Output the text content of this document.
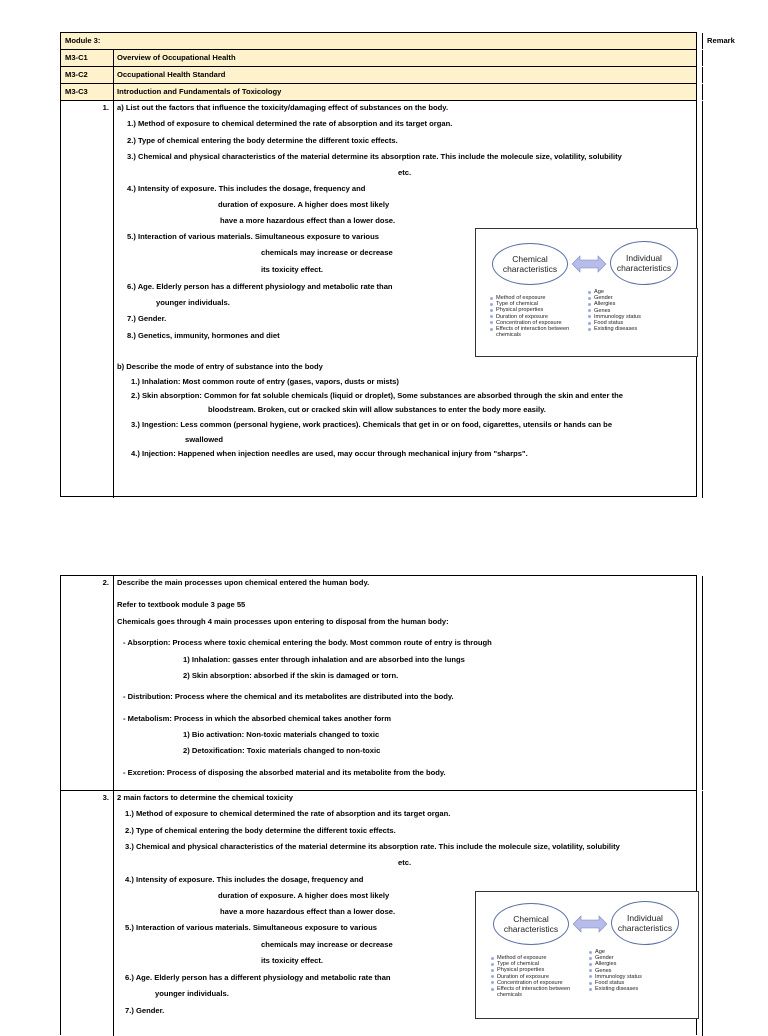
Module 3:	Remark
M3-C1	Overview of Occupational Health
M3-C2	Occupational Health Standard
M3-C3	Introduction and Fundamentals of Toxicology
1. a) List out the factors that influence the toxicity/damaging effect of substances on the body.
1.) Method of exposure to chemical determined the rate of absorption and its target organ.
2.) Type of chemical entering the body determine the different toxic effects.
3.) Chemical and physical characteristics of the material determine its absorption rate. This include the molecule size, volatility, solubility
etc.
4.) Intensity of exposure. This includes the dosage, frequency and
duration of exposure. A higher does most likely
have a more hazardous effect than a lower dose.
5.) Interaction of various materials. Simultaneous exposure to various
chemicals may increase or decrease
its toxicity effect.
6.) Age. Elderly person has a different physiology and metabolic rate than
younger individuals.
7.) Gender.
8.) Genetics, immunity, hormones and diet
b) Describe the mode of entry of substance into the body
1.) Inhalation: Most common route of entry (gases, vapors, dusts or mists)
2.) Skin absorption: Common for fat soluble chemicals (liquid or droplet), Some substances are absorbed through the skin and enter the
bloodstream. Broken, cut or cracked skin will allow substances to enter the body more easily.
3.) Ingestion: Less common (personal hygiene, work practices). Chemicals that get in or on food, cigarettes, utensils or hands can be
swallowed
4.) Injection: Happened when injection needles are used, may occur through mechanical injury from "sharps".
Chemical characteristics
Individual characteristics
Method of exposure
Type of chemical
Physical properties
Duration of exposure
Concentration of exposure
Effects of interaction between chemicals
Age
Gender
Allergies
Genes
Immunology status
Food status
Existing diseases
2. Describe the main processes upon chemical entered the human body.
Refer to textbook module 3 page 55
Chemicals goes through 4 main processes upon entering to disposal from the human body:
- Absorption: Process where toxic chemical entering the body. Most common route of entry is through
1) Inhalation: gasses enter through inhalation and are absorbed into the lungs
2) Skin absorption: absorbed if the skin is damaged or torn.
- Distribution: Process where the chemical and its metabolites are distributed into the body.
- Metabolism: Process in which the absorbed chemical takes another form
1) Bio activation: Non-toxic materials changed to toxic
2) Detoxification: Toxic materials changed to non-toxic
- Excretion: Process of disposing the absorbed material and its metabolite from the body.
3. 2 main factors to determine the chemical toxicity
1.) Method of exposure to chemical determined the rate of absorption and its target organ.
2.) Type of chemical entering the body determine the different toxic effects.
3.) Chemical and physical characteristics of the material determine its absorption rate. This include the molecule size, volatility, solubility
etc.
4.) Intensity of exposure. This includes the dosage, frequency and
duration of exposure. A higher does most likely
have a more hazardous effect than a lower dose.
5.) Interaction of various materials. Simultaneous exposure to various
chemicals may increase or decrease
its toxicity effect.
6.) Age. Elderly person has a different physiology and metabolic rate than
younger individuals.
7.) Gender.
Chemical characteristics
Individual characteristics
Method of exposure
Type of chemical
Physical properties
Duration of exposure
Concentration of exposure
Effects of interaction between chemicals
Age
Gender
Allergies
Genes
Immunology status
Food status
Existing diseases
